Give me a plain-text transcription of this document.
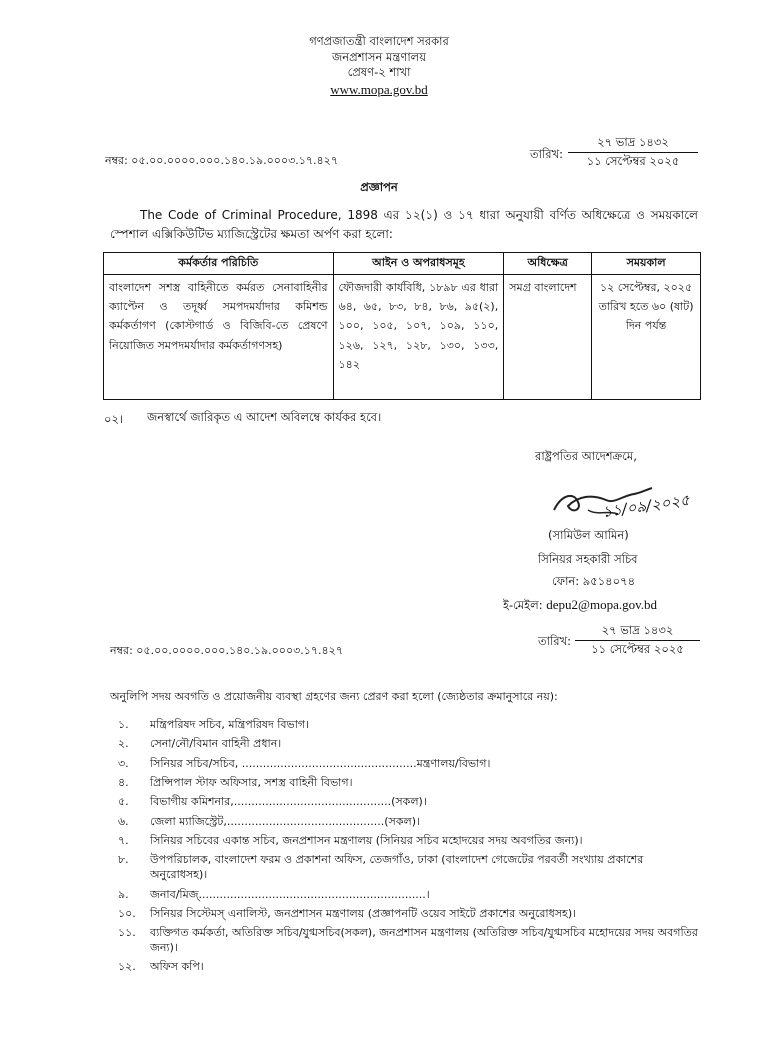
গণপ্রজাতন্ত্রী বাংলাদেশ সরকার
জনপ্রশাসন মন্ত্রণালয়
প্রেষণ-২ শাখা
www.mopa.gov.bd
নম্বর: ০৫.০০.০০০০.০০০.১৪০.১৯.০০০৩.১৭.৪২৭	তারিখ:
২৭ ভাদ্র ১৪৩২
১১ সেপ্টেম্বর ২০২৫
প্রজ্ঞাপন
The Code of Criminal Procedure, 1898 এর ১২(১) ও ১৭ ধারা অনুযায়ী বর্ণিত অধিক্ষেত্রে ও সময়কালে স্পেশাল এক্সিকিউটিভ ম্যাজিস্ট্রেটের ক্ষমতা অর্পণ করা হলো:
কর্মকর্তার পরিচিতি	আইন ও অপরাধসমূহ	অধিক্ষেত্র	সময়কাল
বাংলাদেশ সশস্ত্র বাহিনীতে কর্মরত সেনাবাহিনীর ক্যাপ্টেন ও তদূর্ধ্ব সমপদমর্যাদার কমিশন্ড কর্মকর্তাগণ (কোস্টগার্ড ও বিজিবি-তে প্রেষণে নিয়োজিত সমপদমর্যাদার কর্মকর্তাগণসহ)	ফৌজদারী কার্যবিধি, ১৮৯৮ এর ধারা ৬৪, ৬৫, ৮৩, ৮৪, ৮৬, ৯৫(২), ১০০, ১০৫, ১০৭, ১০৯, ১১০, ১২৬, ১২৭, ১২৮, ১৩০, ১৩৩, ১৪২	সমগ্র বাংলাদেশ	১২ সেপ্টেম্বর, ২০২৫ তারিখ হতে ৬০ (ষাট) দিন পর্যন্ত
০২। জনস্বার্থে জারিকৃত এ আদেশ অবিলম্বে কার্যকর হবে।
রাষ্ট্রপতির আদেশক্রমে,
১১/০৯/২০২৫
(সামিউল আমিন)
সিনিয়র সহকারী সচিব
ফোন: ৯৫১৪০৭৪
ই-মেইল: depu2@mopa.gov.bd
নম্বর: ০৫.০০.০০০০.০০০.১৪০.১৯.০০০৩.১৭.৪২৭
তারিখ:
২৭ ভাদ্র ১৪৩২
১১ সেপ্টেম্বর ২০২৫
অনুলিপি সদয় অবগতি ও প্রয়োজনীয় ব্যবস্থা গ্রহণের জন্য প্রেরণ করা হলো (জ্যেষ্ঠতার ক্রমানুসারে নয়):
১.	মন্ত্রিপরিষদ সচিব, মন্ত্রিপরিষদ বিভাগ।
২.	সেনা/নৌ/বিমান বাহিনী প্রধান।
৩.	সিনিয়র সচিব/সচিব, ..................................................মন্ত্রণালয়/বিভাগ।
৪.	প্রিন্সিপাল স্টাফ অফিসার, সশস্ত্র বাহিনী বিভাগ।
৫.	বিভাগীয় কমিশনার,.............................................(সকল)।
৬.	জেলা ম্যাজিস্ট্রেট,.............................................(সকল)।
৭.	সিনিয়র সচিবের একান্ত সচিব, জনপ্রশাসন মন্ত্রণালয় (সিনিয়র সচিব মহোদয়ের সদয় অবগতির জন্য)।
৮.	উপপরিচালক, বাংলাদেশ ফরম ও প্রকাশনা অফিস, তেজগাঁও, ঢাকা (বাংলাদেশ গেজেটের পরবর্তী সংখ্যায় প্রকাশের অনুরোধসহ)।
৯.	জনাব/মিজ্‌.................................................................।
১০.	সিনিয়র সিস্টেমস্ এনালিস্ট, জনপ্রশাসন মন্ত্রণালয় (প্রজ্ঞাপনটি ওয়েব সাইটে প্রকাশের অনুরোধসহ)।
১১.	ব্যক্তিগত কর্মকর্তা, অতিরিক্ত সচিব/যুগ্মসচিব(সকল), জনপ্রশাসন মন্ত্রণালয় (অতিরিক্ত সচিব/যুগ্মসচিব মহোদয়ের সদয় অবগতির জন্য)।
১২.	অফিস কপি।
